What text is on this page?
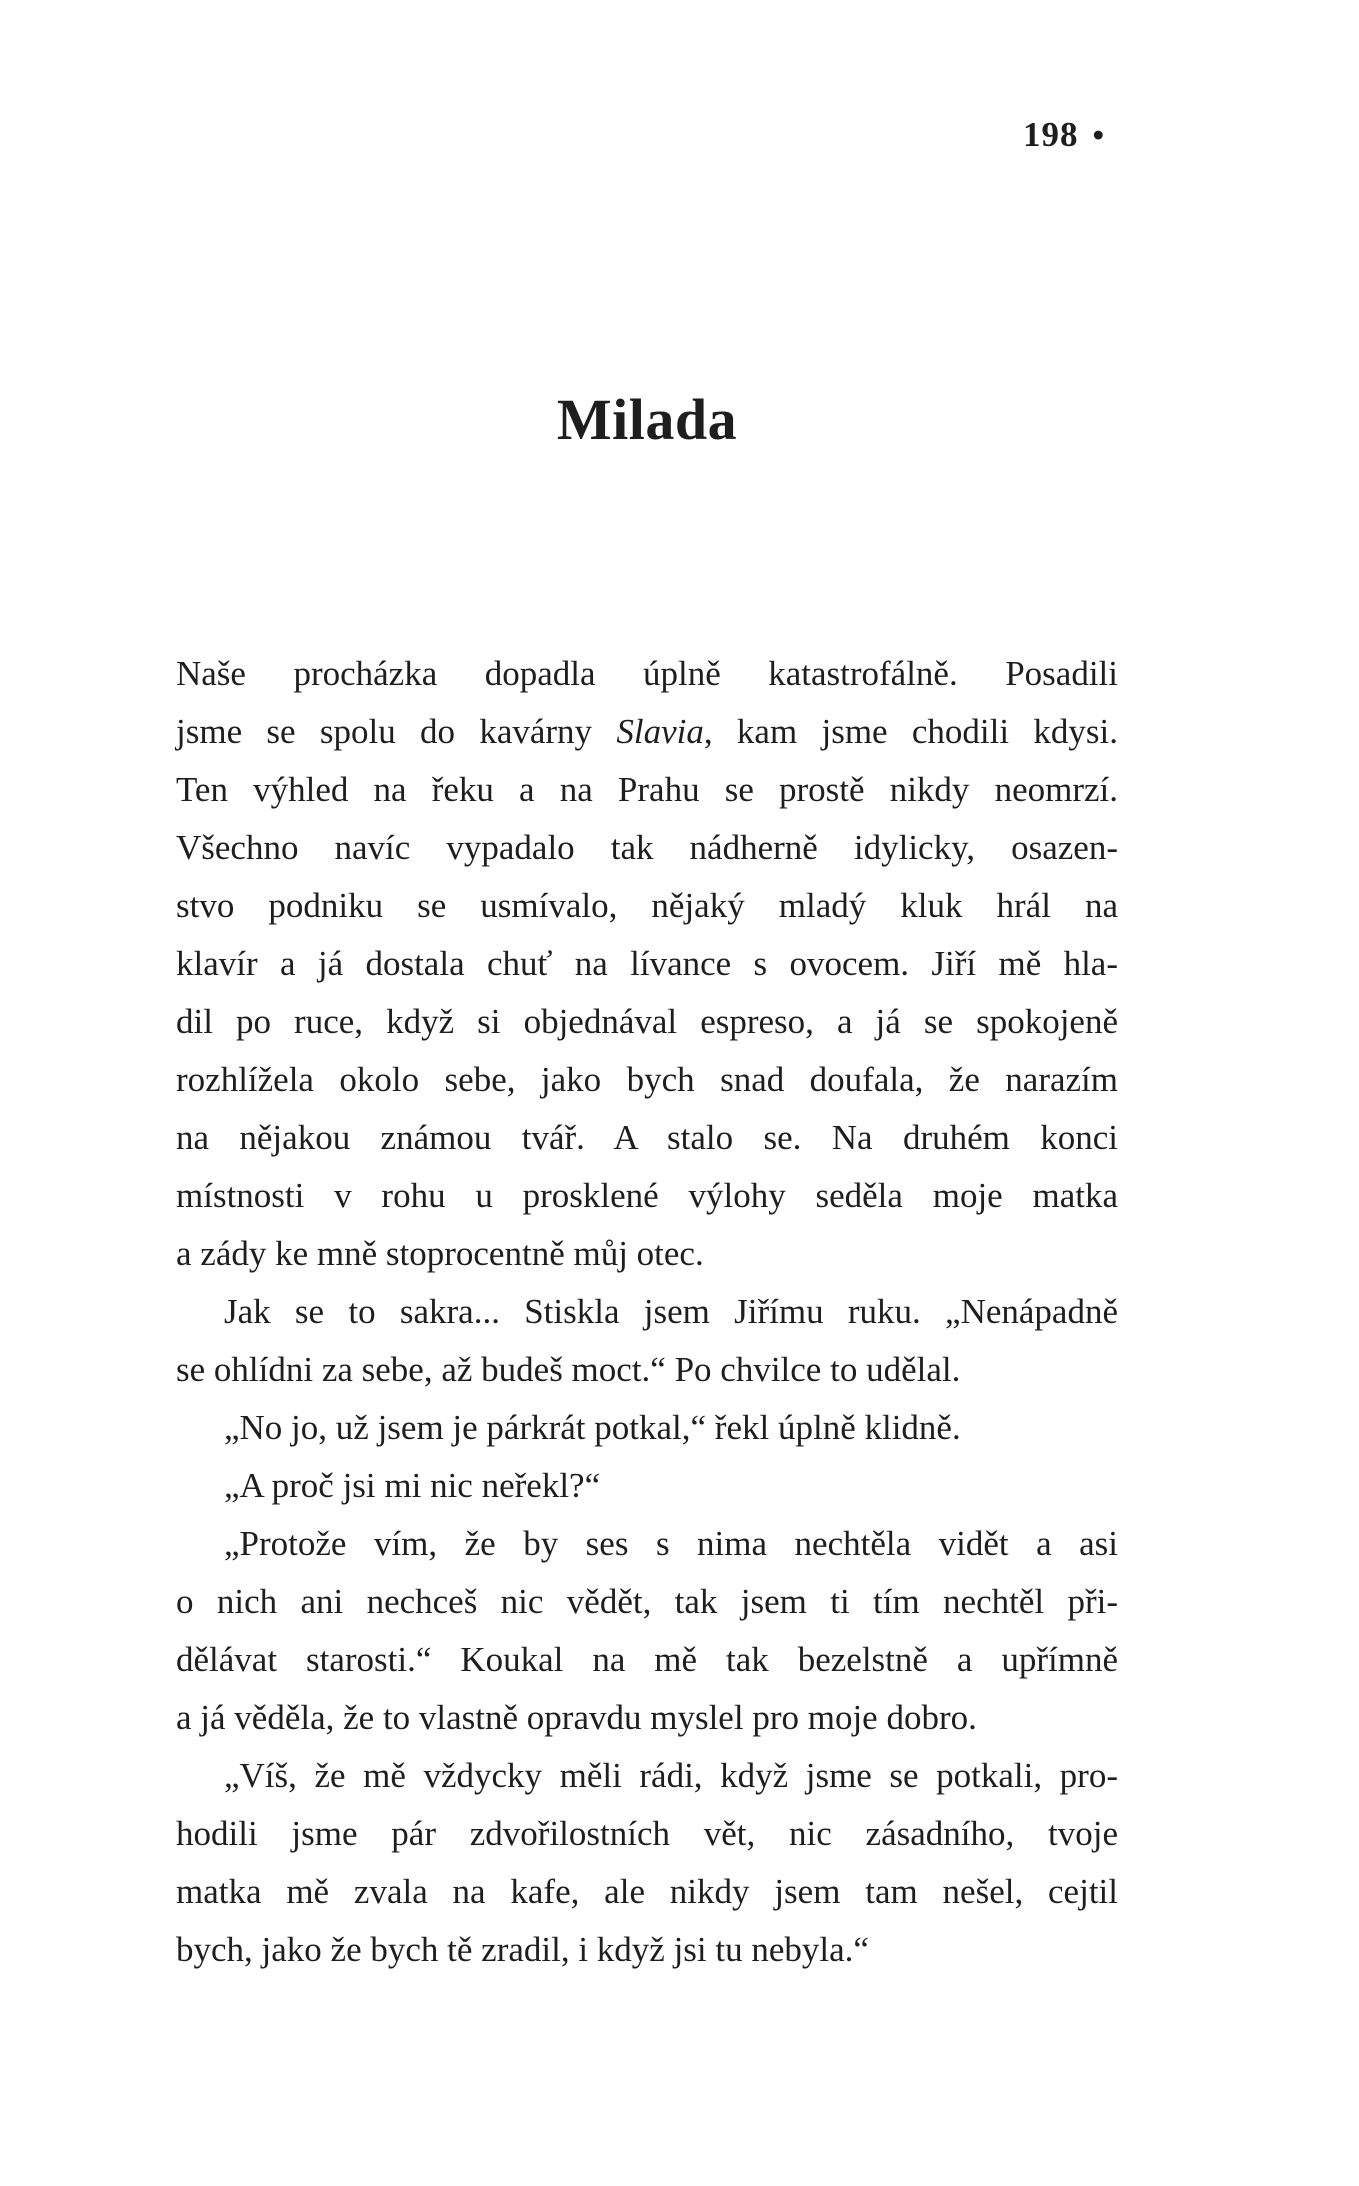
198 •
Milada
Naše procházka dopadla úplně katastrofálně. Posadili
jsme se spolu do kavárny Slavia, kam jsme chodili kdysi.
Ten výhled na řeku a na Prahu se prostě nikdy neomrzí.
Všechno navíc vypadalo tak nádherně idylicky, osazen-
stvo podniku se usmívalo, nějaký mladý kluk hrál na
klavír a já dostala chuť na lívance s ovocem. Jiří mě hla-
dil po ruce, když si objednával espreso, a já se spokojeně
rozhlížela okolo sebe, jako bych snad doufala, že narazím
na nějakou známou tvář. A stalo se. Na druhém konci
místnosti v rohu u prosklené výlohy seděla moje matka
a zády ke mně stoprocentně můj otec.
Jak se to sakra... Stiskla jsem Jiřímu ruku. „Nenápadně
se ohlídni za sebe, až budeš moct.“ Po chvilce to udělal.
„No jo, už jsem je párkrát potkal,“ řekl úplně klidně.
„A proč jsi mi nic neřekl?“
„Protože vím, že by ses s nima nechtěla vidět a asi
o nich ani nechceš nic vědět, tak jsem ti tím nechtěl při-
dělávat starosti.“ Koukal na mě tak bezelstně a upřímně
a já věděla, že to vlastně opravdu myslel pro moje dobro.
„Víš, že mě vždycky měli rádi, když jsme se potkali, pro-
hodili jsme pár zdvořilostních vět, nic zásadního, tvoje
matka mě zvala na kafe, ale nikdy jsem tam nešel, cejtil
bych, jako že bych tě zradil, i když jsi tu nebyla.“
